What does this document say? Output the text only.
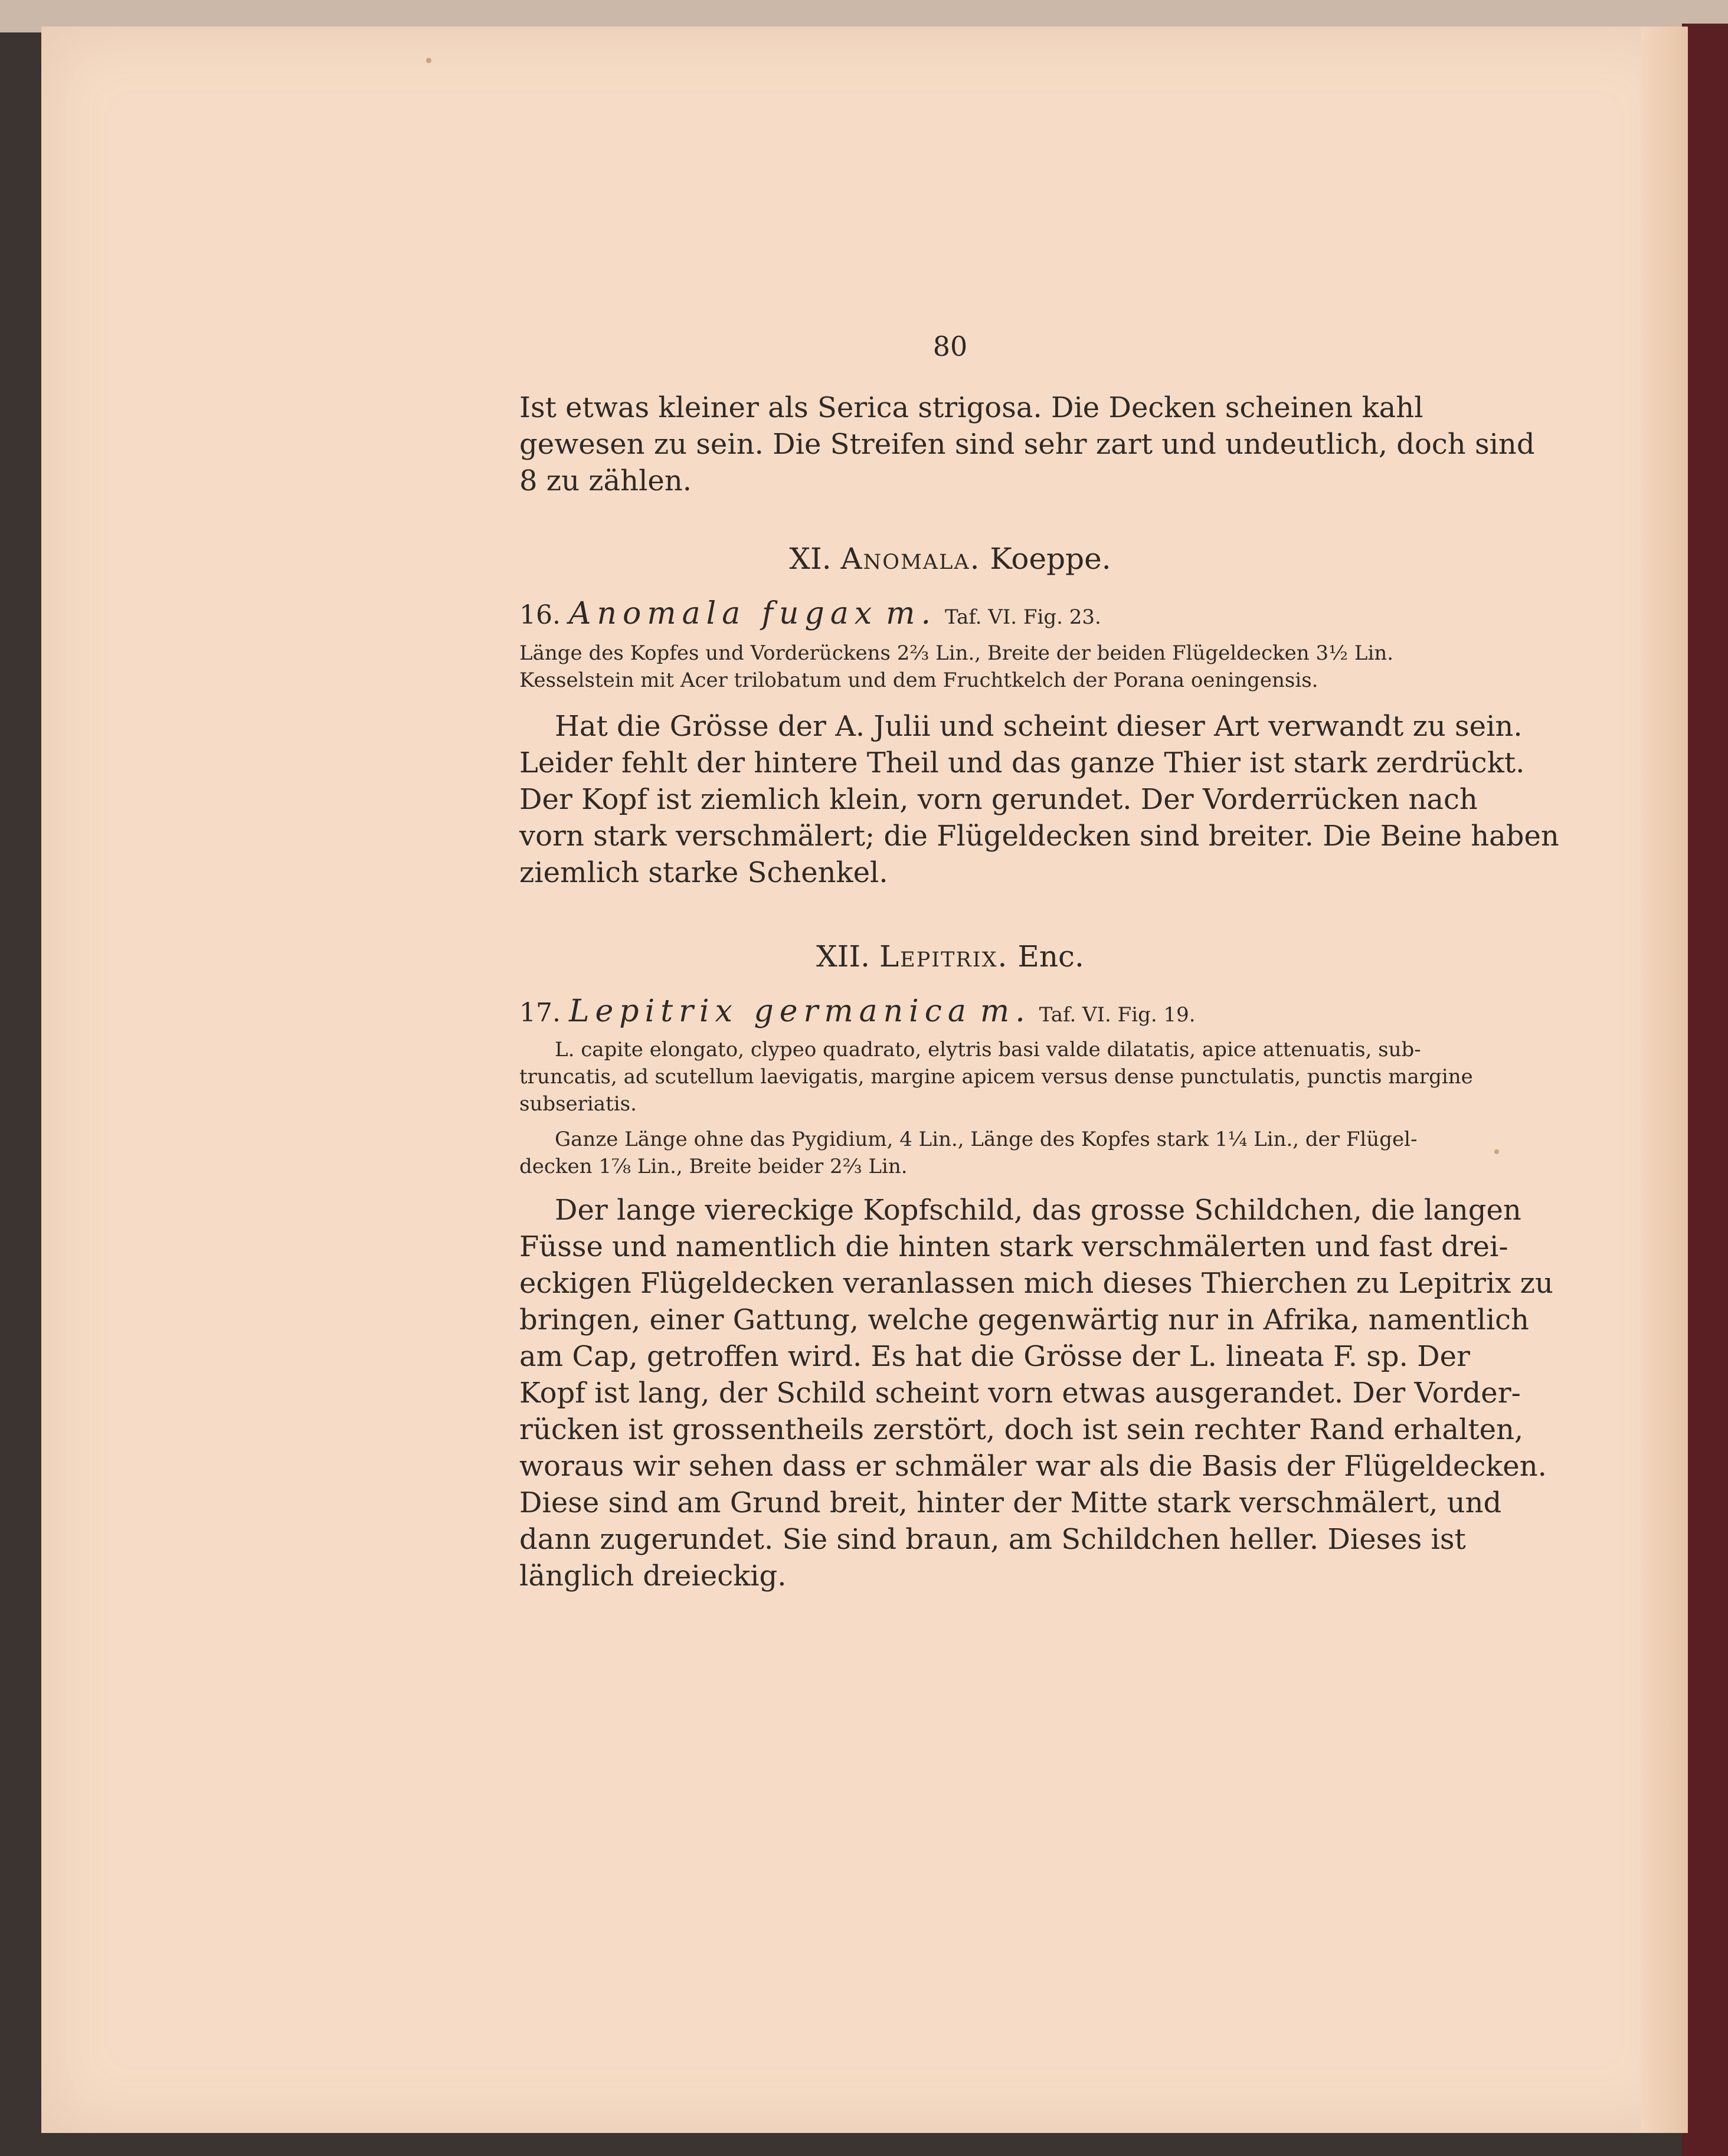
80
Ist etwas kleiner als Serica strigosa. Die Decken scheinen kahl
gewesen zu sein. Die Streifen sind sehr zart und undeutlich, doch sind
8 zu zählen.
XI. Anomala. Koeppe.
16. Anomala fugax m. Taf. VI. Fig. 23.
Länge des Kopfes und Vorderückens 2⅔ Lin., Breite der beiden Flügeldecken 3½ Lin.
Kesselstein mit Acer trilobatum und dem Fruchtkelch der Porana oeningensis.
Hat die Grösse der A. Julii und scheint dieser Art verwandt zu sein.
Leider fehlt der hintere Theil und das ganze Thier ist stark zerdrückt.
Der Kopf ist ziemlich klein, vorn gerundet. Der Vorderrücken nach
vorn stark verschmälert; die Flügeldecken sind breiter. Die Beine haben
ziemlich starke Schenkel.
XII. Lepitrix. Enc.
17. Lepitrix germanica m. Taf. VI. Fig. 19.
L. capite elongato, clypeo quadrato, elytris basi valde dilatatis, apice attenuatis, sub-
truncatis, ad scutellum laevigatis, margine apicem versus dense punctulatis, punctis margine
subseriatis.
Ganze Länge ohne das Pygidium, 4 Lin., Länge des Kopfes stark 1¼ Lin., der Flügel-
decken 1⅞ Lin., Breite beider 2⅔ Lin.
Der lange viereckige Kopfschild, das grosse Schildchen, die langen
Füsse und namentlich die hinten stark verschmälerten und fast drei-
eckigen Flügeldecken veranlassen mich dieses Thierchen zu Lepitrix zu
bringen, einer Gattung, welche gegenwärtig nur in Afrika, namentlich
am Cap, getroffen wird. Es hat die Grösse der L. lineata F. sp. Der
Kopf ist lang, der Schild scheint vorn etwas ausgerandet. Der Vorder-
rücken ist grossentheils zerstört, doch ist sein rechter Rand erhalten,
woraus wir sehen dass er schmäler war als die Basis der Flügeldecken.
Diese sind am Grund breit, hinter der Mitte stark verschmälert, und
dann zugerundet. Sie sind braun, am Schildchen heller. Dieses ist
länglich dreieckig.
